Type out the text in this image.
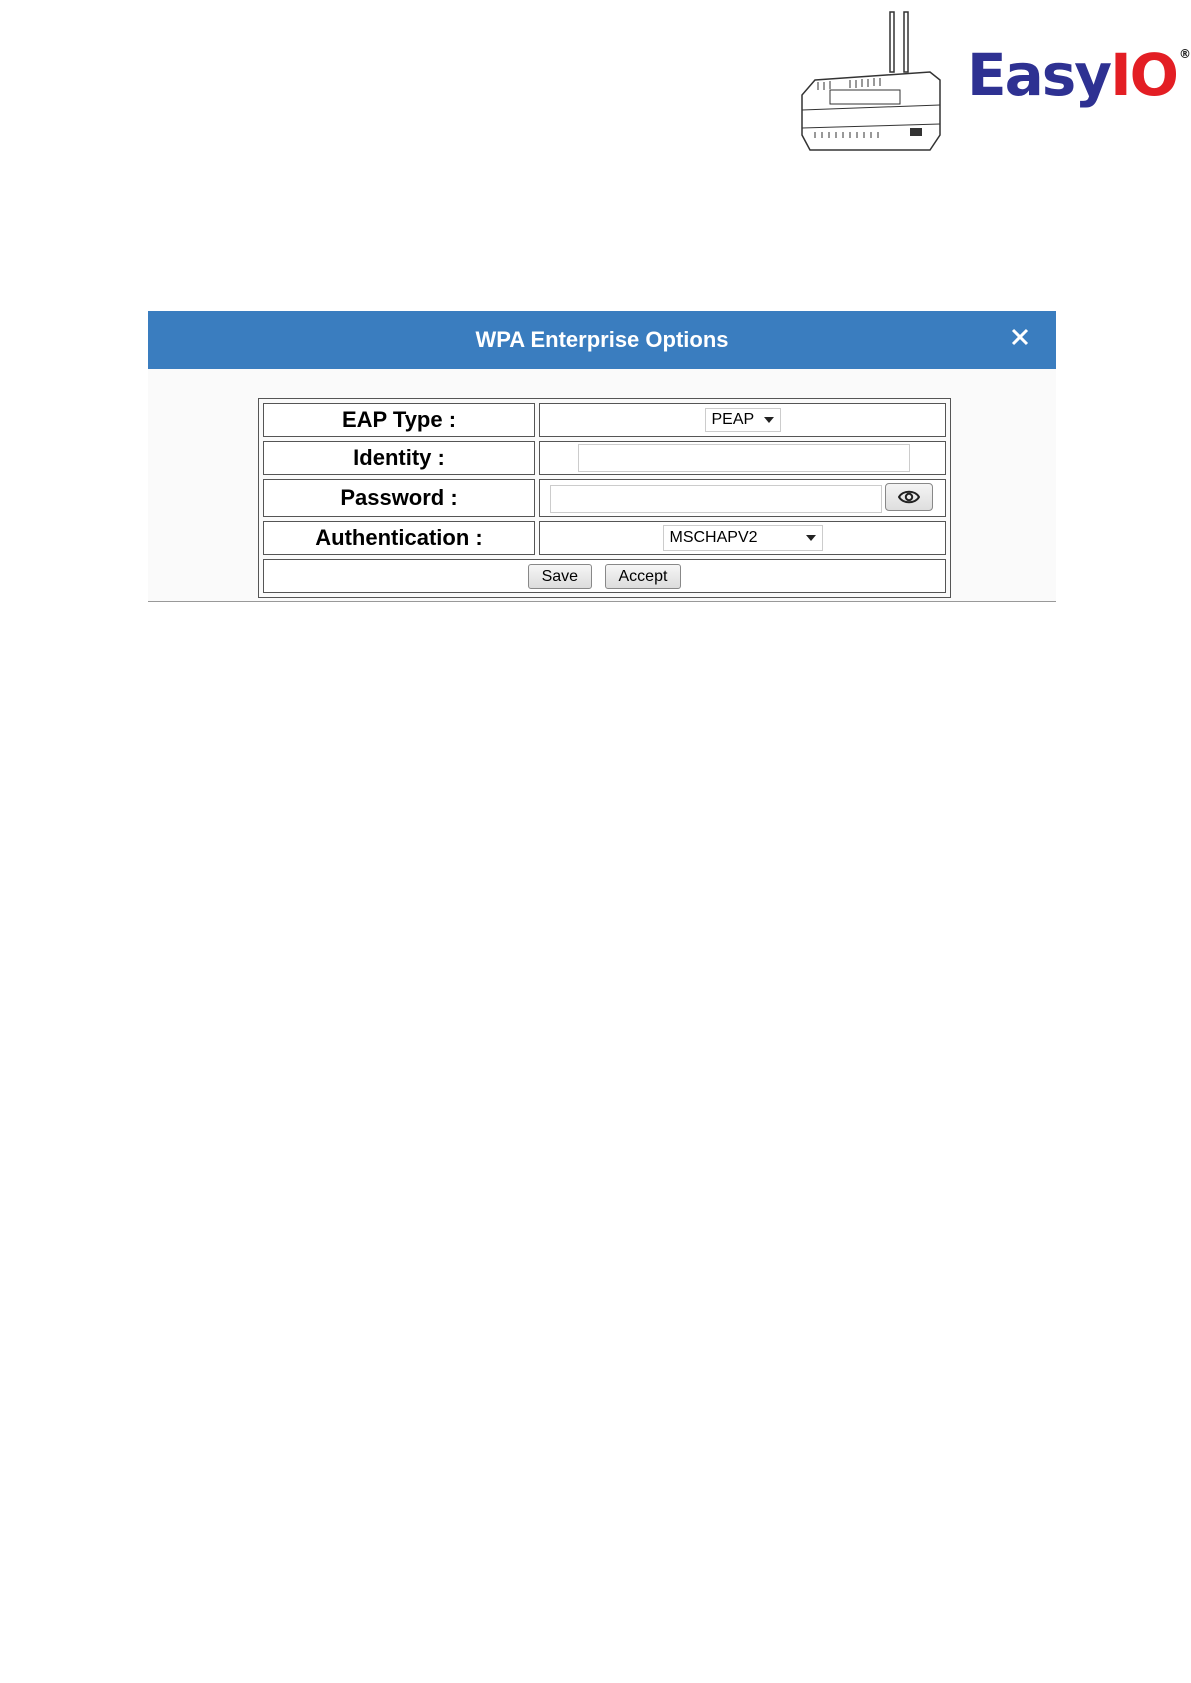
EasyIO ®
WPA Enterprise Options
EAP Type :	PEAP

Identity :	

Password :	

Authentication :	MSCHAPV2

Save Accept	
